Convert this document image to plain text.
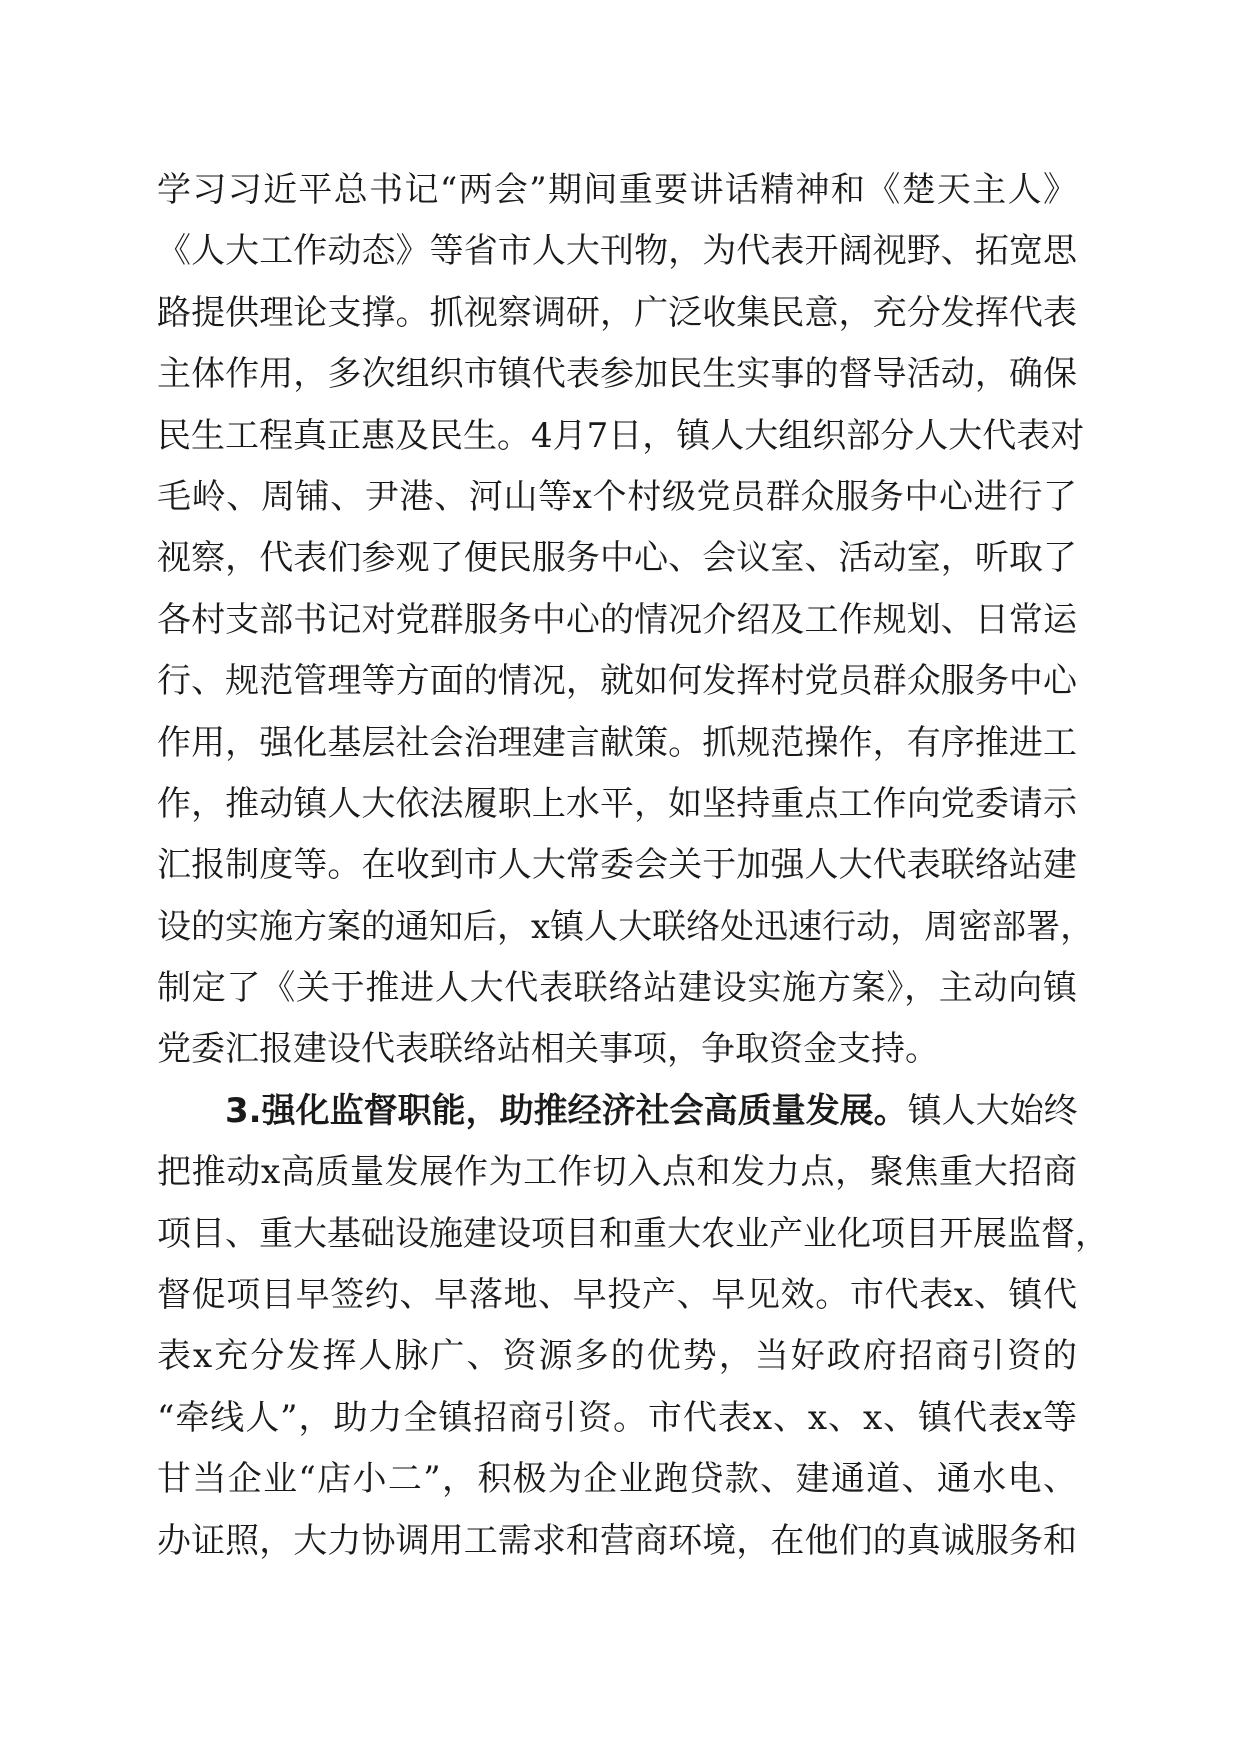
学习习近平总书记“两会”期间重要讲话精神和《楚天主人》
《人大工作动态》等省市人大刊物，为代表开阔视野、拓宽思
路提供理论支撑。抓视察调研，广泛收集民意，充分发挥代表
主体作用，多次组织市镇代表参加民生实事的督导活动，确保
民生工程真正惠及民生。4月7日，镇人大组织部分人大代表对
毛岭、周铺、尹港、河山等x个村级党员群众服务中心进行了
视察，代表们参观了便民服务中心、会议室、活动室，听取了
各村支部书记对党群服务中心的情况介绍及工作规划、日常运
行、规范管理等方面的情况，就如何发挥村党员群众服务中心
作用，强化基层社会治理建言献策。抓规范操作，有序推进工
作，推动镇人大依法履职上水平，如坚持重点工作向党委请示
汇报制度等。在收到市人大常委会关于加强人大代表联络站建
设的实施方案的通知后，x镇人大联络处迅速行动，周密部署，
制定了《关于推进人大代表联络站建设实施方案》，主动向镇
党委汇报建设代表联络站相关事项，争取资金支持。
3.强化监督职能，助推经济社会高质量发展。镇人大始终
把推动x高质量发展作为工作切入点和发力点，聚焦重大招商
项目、重大基础设施建设项目和重大农业产业化项目开展监督，
督促项目早签约、早落地、早投产、早见效。市代表x、镇代
表x充分发挥人脉广、资源多的优势，当好政府招商引资的
“牵线人”，助力全镇招商引资。市代表x、x、x、镇代表x等
甘当企业“店小二”，积极为企业跑贷款、建通道、通水电、
办证照，大力协调用工需求和营商环境，在他们的真诚服务和
